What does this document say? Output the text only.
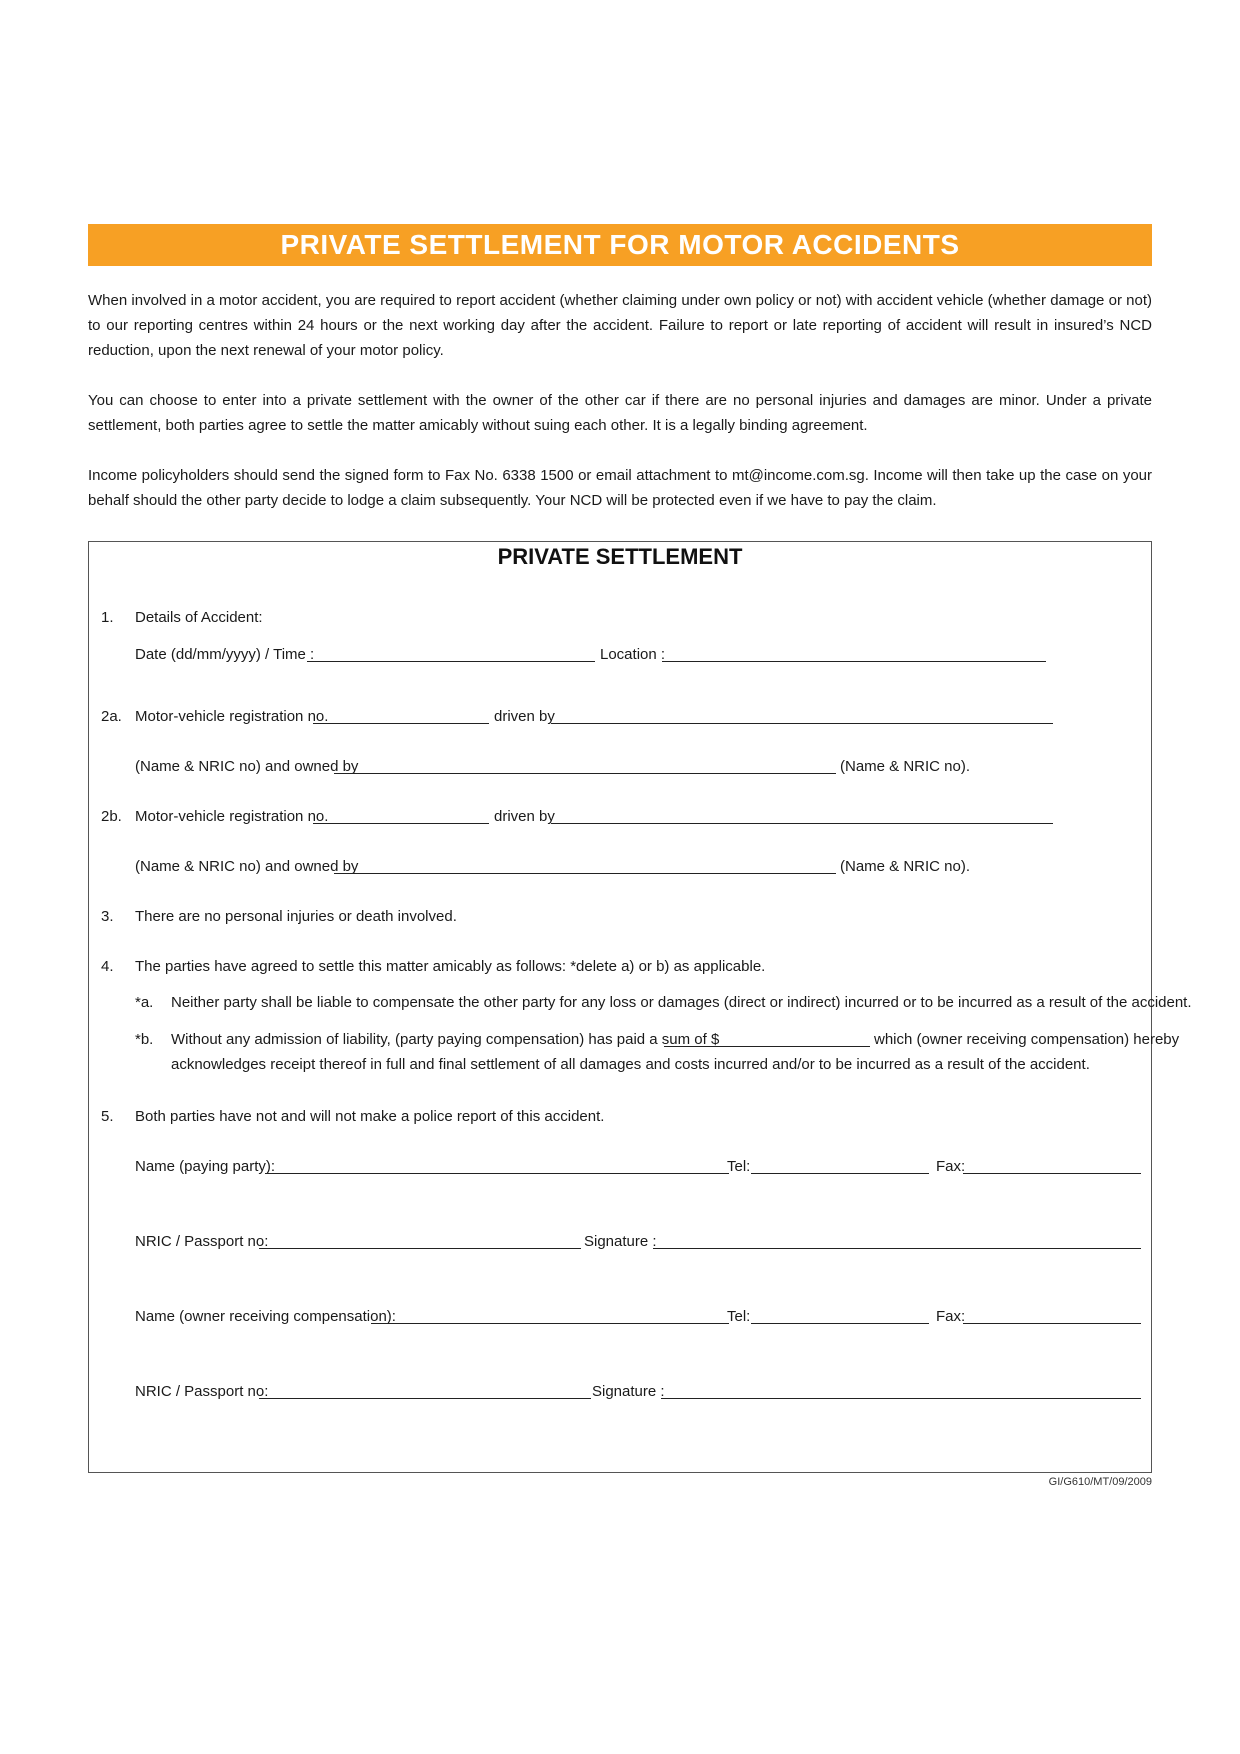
PRIVATE SETTLEMENT FOR MOTOR ACCIDENTS

When involved in a motor accident, you are required to report accident (whether claiming under own policy or not) with accident vehicle (whether damage or not) to our reporting centres within 24 hours or the next working day after the accident. Failure to report or late reporting of accident will result in insured’s NCD reduction, upon the next renewal of your motor policy.

You can choose to enter into a private settlement with the owner of the other car if there are no personal injuries and damages are minor. Under a private settlement, both parties agree to settle the matter amicably without suing each other. It is a legally binding agreement.

Income policyholders should send the signed form to Fax No. 6338 1500 or email attachment to mt@income.com.sg. Income will then take up the case on your behalf should the other party decide to lodge a claim subsequently. Your NCD will be protected even if we have to pay the claim.

PRIVATE SETTLEMENT
1. Details of Accident:
Date (dd/mm/yyyy) / Time :	Location :
2a. Motor-vehicle registration no.	driven by
(Name & NRIC no) and owned by	(Name & NRIC no).
2b. Motor-vehicle registration no.	driven by
(Name & NRIC no) and owned by	(Name & NRIC no).
3. There are no personal injuries or death involved.
4. The parties have agreed to settle this matter amicably as follows: *delete a) or b) as applicable.
*a. Neither party shall be liable to compensate the other party for any loss or damages (direct or indirect) incurred or to be incurred as a result of the accident.
*b. Without any admission of liability, (party paying compensation) has paid a sum of $	which (owner receiving compensation) hereby
acknowledges receipt thereof in full and final settlement of all damages and costs incurred and/or to be incurred as a result of the accident.
5. Both parties have not and will not make a police report of this accident.
Name (paying party):	Tel:	Fax:
NRIC / Passport no:	Signature :
Name (owner receiving compensation):	Tel:	Fax:
NRIC / Passport no:	Signature :
GI/G610/MT/09/2009
